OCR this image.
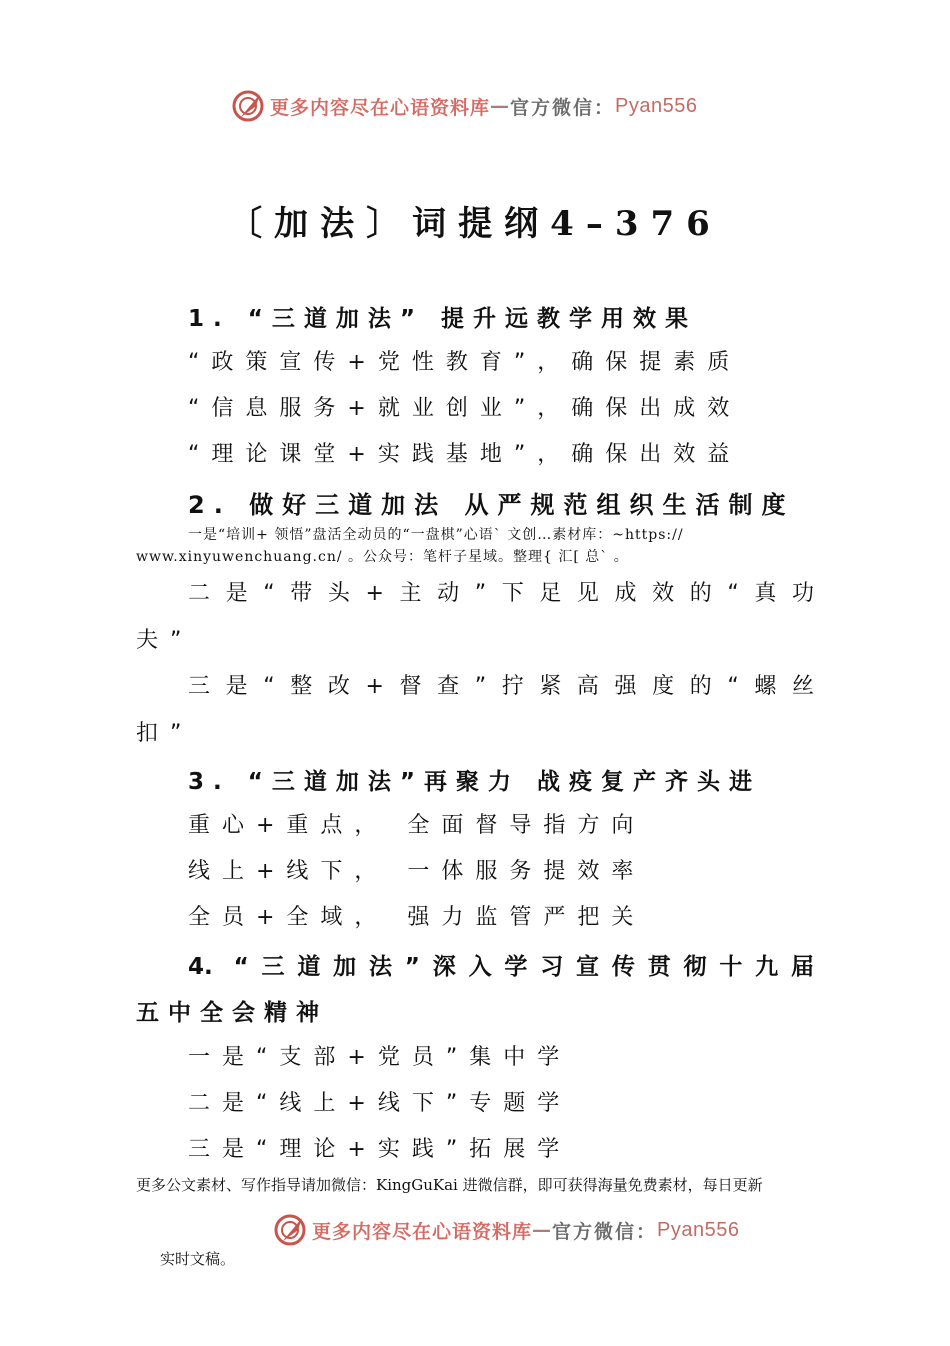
更多内容尽在心语资料库 — 官方微信： Pyan556
〔加法〕词提纲4–376
1. “三道加法” 提升远教学用效果
“政策宣传+党性教育”，确保提素质
“信息服务+就业创业”，确保出成效
“理论课堂+实践基地”，确保出效益
2. 做好三道加法 从严规范组织生活制度
一是“培训+ 领悟”盘活全动员的“一盘棋”心语` 文创…素材库：~https://
www.xinyuwenchuang.cn/ 。公众号：笔杆子星域。整理{ 汇[ 总` 。
二是“带头+主动”下足见成效的“真功
夫”
三是“整改+督查”拧紧高强度的“螺丝
扣”
3. “三道加法”再聚力 战疫复产齐头进
重心+重点， 全面督导指方向
线上+线下， 一体服务提效率
全员+全域， 强力监管严把关
4. “三道加法”深入学习宣传贯彻十九届
五中全会精神
一是“支部+党员”集中学
二是“线上+线下”专题学
三是“理论+实践”拓展学
更多公文素材、写作指导请加微信：KingGuKai 进微信群，即可获得海量免费素材，每日更新
更多内容尽在心语资料库 — 官方微信： Pyan556
实时文稿。
